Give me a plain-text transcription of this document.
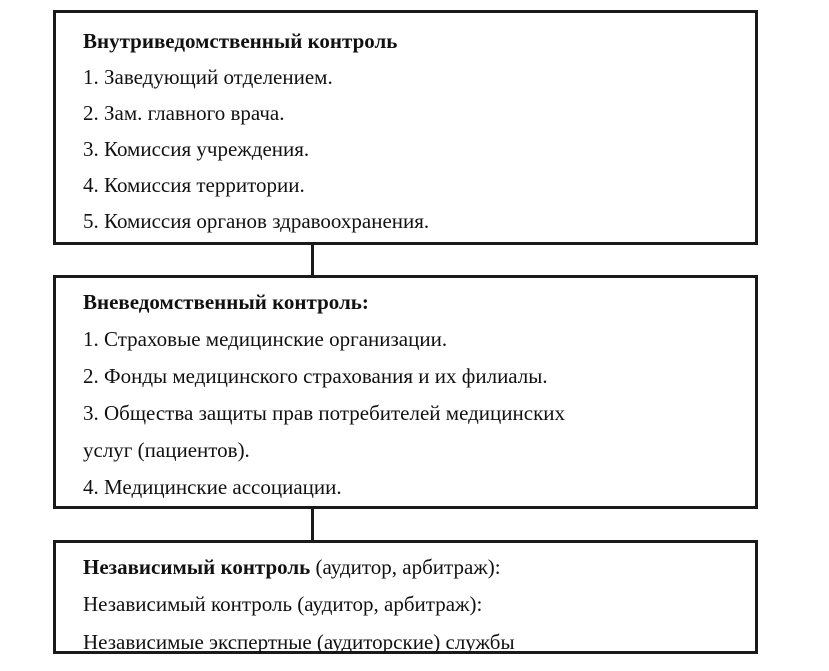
Внутриведомственный контроль
1. Заведующий отделением.
2. Зам. главного врача.
3. Комиссия учреждения.
4. Комиссия территории.
5. Комиссия органов здравоохранения.
Вневедомственный контроль:
1. Страховые медицинские организации.
2. Фонды медицинского страхования и их филиалы.
3. Общества защиты прав потребителей медицинских
услуг (пациентов).
4. Медицинские ассоциации.
Независимый контроль (аудитор, арбитраж):
Независимый контроль (аудитор, арбитраж):
Независимые экспертные (аудиторские) службы
